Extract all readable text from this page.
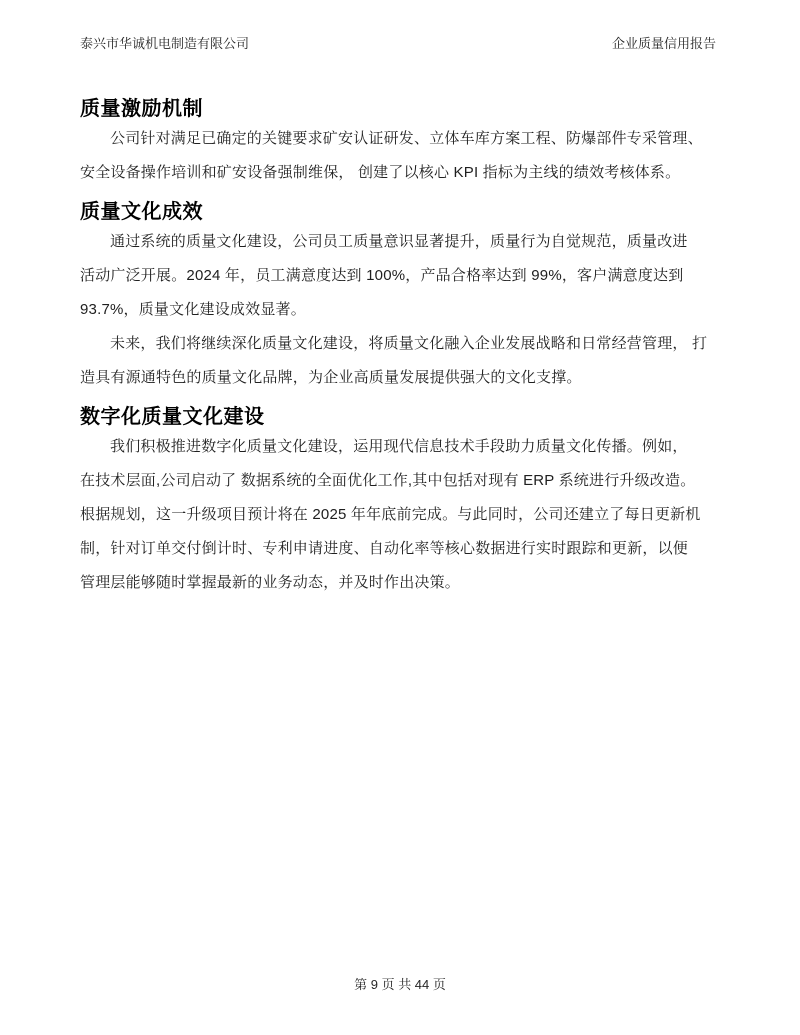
泰兴市华诚机电制造有限公司	企业质量信用报告
质量激励机制
公司针对满足已确定的关键要求矿安认证研发、立体车库方案工程、防爆部件专采管理、
安全设备操作培训和矿安设备强制维保， 创建了以核心 KPI 指标为主线的绩效考核体系。
质量文化成效
通过系统的质量文化建设，公司员工质量意识显著提升，质量行为自觉规范，质量改进
活动广泛开展。2024 年，员工满意度达到 100%，产品合格率达到 99%，客户满意度达到
93.7%，质量文化建设成效显著。
未来，我们将继续深化质量文化建设，将质量文化融入企业发展战略和日常经营管理， 打
造具有源通特色的质量文化品牌，为企业高质量发展提供强大的文化支撑。
数字化质量文化建设
我们积极推进数字化质量文化建设，运用现代信息技术手段助力质量文化传播。例如，
在技术层面,公司启动了 数据系统的全面优化工作,其中包括对现有 ERP 系统进行升级改造。
根据规划，这一升级项目预计将在 2025 年年底前完成。与此同时，公司还建立了每日更新机
制，针对订单交付倒计时、专利申请进度、自动化率等核心数据进行实时跟踪和更新，以便
管理层能够随时掌握最新的业务动态，并及时作出决策。
第 9 页 共 44 页
